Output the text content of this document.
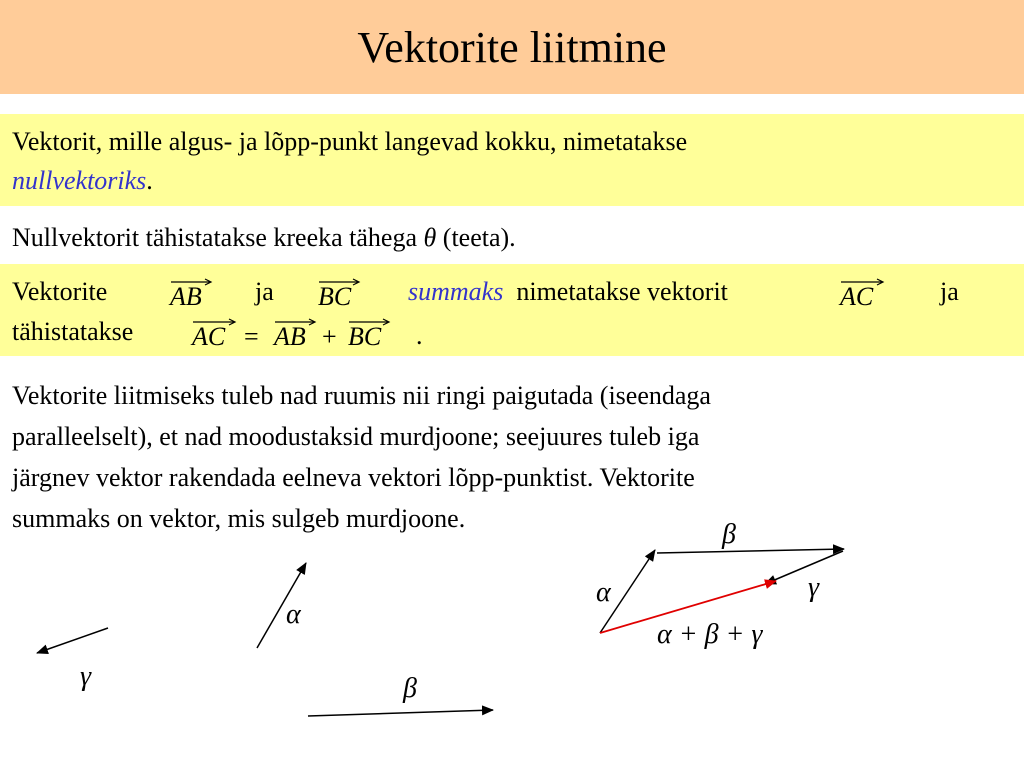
Vektorite liitmine
Vektorit, mille algus- ja lõpp-punkt langevad kokku, nimetatakse
nullvektoriks.
Nullvektorit tähistatakse kreeka tähega θ (teeta).
Vektorite AB ja BC summaks nimetatakse vektorit	AC	ja
tähistatakse AC = AB + BC .
Vektorite liitmiseks tuleb nad ruumis nii ringi paigutada (iseendaga
paralleelselt), et nad moodustaksid murdjoone; seejuures tuleb iga
järgnev vektor rakendada eelneva vektori lõpp-punktist. Vektorite
summaks on vektor, mis sulgeb murdjoone.
γ
α
β
β
α	γ
α + β + γ
